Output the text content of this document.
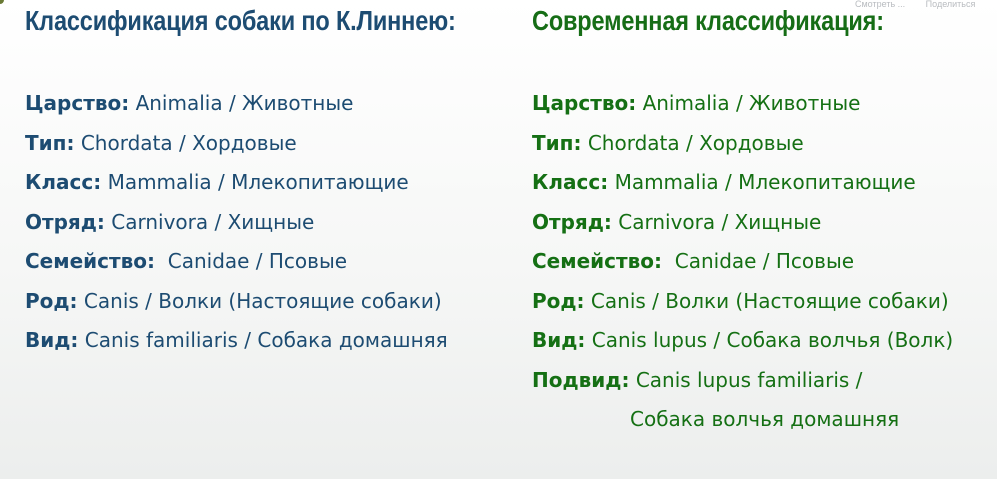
Смотреть ... Поделиться
Классификация собаки по К.Линнею:
Царство: Animalia / Животные
Тип: Chordata / Хордовые
Класс: Mammalia / Млекопитающие
Отряд: Carnivora / Хищные
Семейство: Canidae / Псовые
Род: Canis / Волки (Настоящие собаки)
Вид: Canis familiaris / Собака домашняя
Современная классификация:
Царство: Animalia / Животные
Тип: Chordata / Хордовые
Класс: Mammalia / Млекопитающие
Отряд: Carnivora / Хищные
Семейство: Canidae / Псовые
Род: Canis / Волки (Настоящие собаки)
Вид: Canis lupus / Собака волчья (Волк)
Подвид: Canis lupus familiaris /
Собака волчья домашняя
